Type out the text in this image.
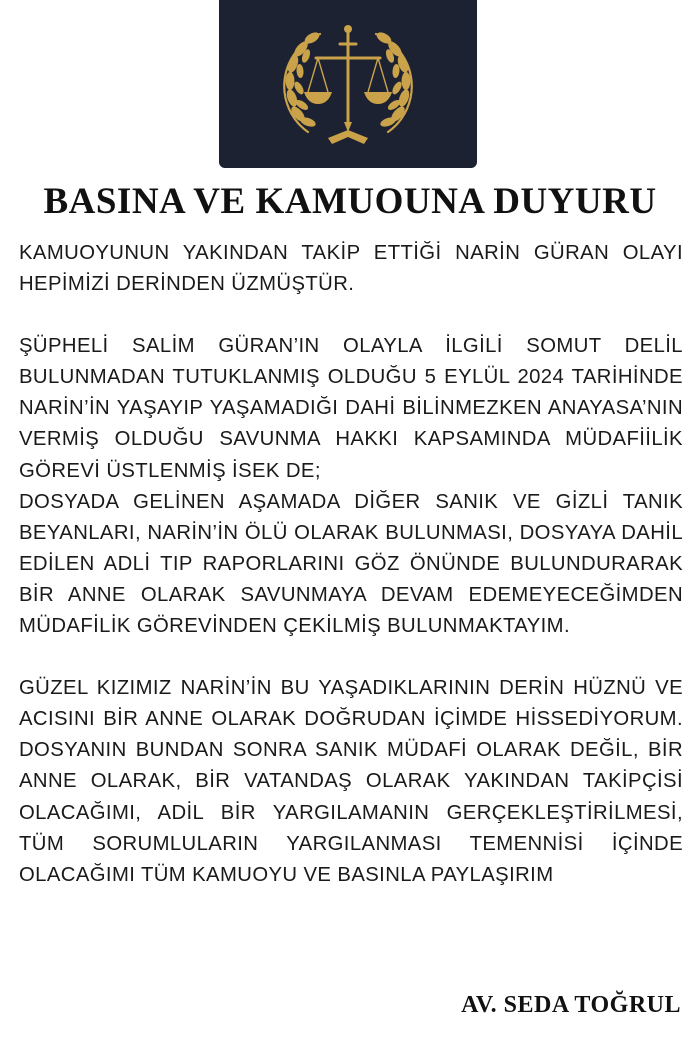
BASINA VE KAMUOUNA DUYURU

KAMUOYUNUN YAKINDAN TAKİP ETTİĞİ NARİN GÜRAN OLAYI HEPİMİZİ DERİNDEN ÜZMÜŞTÜR.

ŞÜPHELİ SALİM GÜRAN’IN OLAYLA İLGİLİ SOMUT DELİL BULUNMADAN TUTUKLANMIŞ OLDUĞU 5 EYLÜL 2024 TARİHİNDE NARİN’İN YAŞAYIP YAŞAMADIĞI DAHİ BİLİNMEZKEN ANAYASA’NIN VERMİŞ OLDUĞU SAVUNMA HAKKI KAPSAMINDA MÜDAFİİLİK GÖREVİ ÜSTLENMİŞ İSEK DE;

DOSYADA GELİNEN AŞAMADA DİĞER SANIK VE GİZLİ TANIK BEYANLARI, NARİN’İN ÖLÜ OLARAK BULUNMASI, DOSYAYA DAHİL EDİLEN ADLİ TIP RAPORLARINI GÖZ ÖNÜNDE BULUNDURARAK BİR ANNE OLARAK SAVUNMAYA DEVAM EDEMEYECEĞİMDEN MÜDAFİLİK GÖREVİNDEN ÇEKİLMİŞ BULUNMAKTAYIM.

GÜZEL KIZIMIZ NARİN’İN BU YAŞADIKLARININ DERİN HÜZNÜ VE ACISINI BİR ANNE OLARAK DOĞRUDAN İÇİMDE HİSSEDİYORUM. DOSYANIN BUNDAN SONRA SANIK MÜDAFİ OLARAK DEĞİL, BİR ANNE OLARAK, BİR VATANDAŞ OLARAK YAKINDAN TAKİPÇİSİ OLACAĞIMI, ADİL BİR YARGILAMANIN GERÇEKLEŞTİRİLMESİ, TÜM SORUMLULARIN YARGILANMASI TEMENNİSİ İÇİNDE OLACAĞIMI TÜM KAMUOYU VE BASINLA PAYLAŞIRIM

AV. SEDA TOĞRUL
